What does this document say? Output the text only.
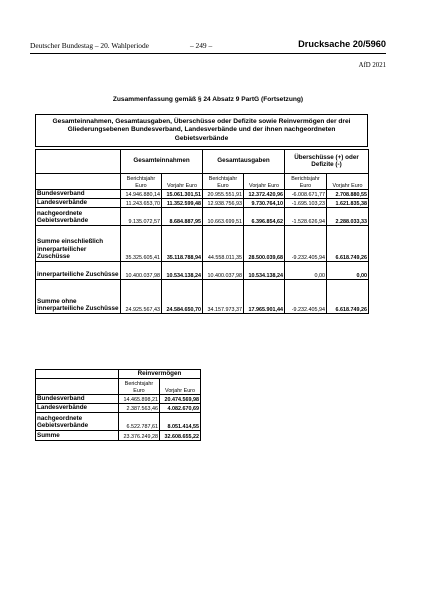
Deutscher Bundestag – 20. Wahlperiode	– 249 –	Drucksache 20/5960
AfD 2021
Zusammenfassung gemäß § 24 Absatz 9 PartG (Fortsetzung)
Gesamteinnahmen, Gesamtausgaben, Überschüsse oder Defizite sowie Reinvermögen der drei
Gliederungsebenen Bundesverband, Landesverbände und der ihnen nachgeordneten
Gebietsverbände
	Gesamteinnahmen		Gesamtausgaben		Überschüsse (+) oder Defizite (-)	
	Berichtsjahr Euro	Vorjahr Euro	Berichtsjahr Euro	Vorjahr Euro	Berichtsjahr Euro	Vorjahr Euro
Bundesverband	14.946.880,14	15.061.301,51	20.955.551,91	12.372.420,96	-6.008.671,77	2.708.880,55
Landesverbände	11.243.653,70	11.352.599,48	12.938.756,93	9.730.764,10	-1.695.103,23	1.621.835,38
nachgeordnete Gebietsverbände	9.135.072,57	8.684.887,95	10.663.699,51	6.396.854,62	-1.528.626,94	2.288.033,33
Summe einschließlich innerparteilicher Zuschüsse	35.325.605,41	35.118.788,94	44.558.011,35	28.500.039,68	-9.232.405,94	6.618.749,26
innerparteiliche Zuschüsse	10.400.037,98	10.534.138,24	10.400.037,98	10.534.138,24	0,00	0,00
Summe ohne innerparteiliche Zuschüsse	24.925.567,43	24.584.650,70	34.157.973,37	17.965.901,44	-9.232.405,94	6.618.749,26
	Reinvermögen	
	Berichtsjahr Euro	Vorjahr Euro
Bundesverband	14.465.898,21	20.474.569,98
Landesverbände	2.387.563,46	4.082.670,69
nachgeordnete Gebietsverbände	6.522.787,61	8.051.414,55
Summe	23.376.249,28	32.608.655,22
